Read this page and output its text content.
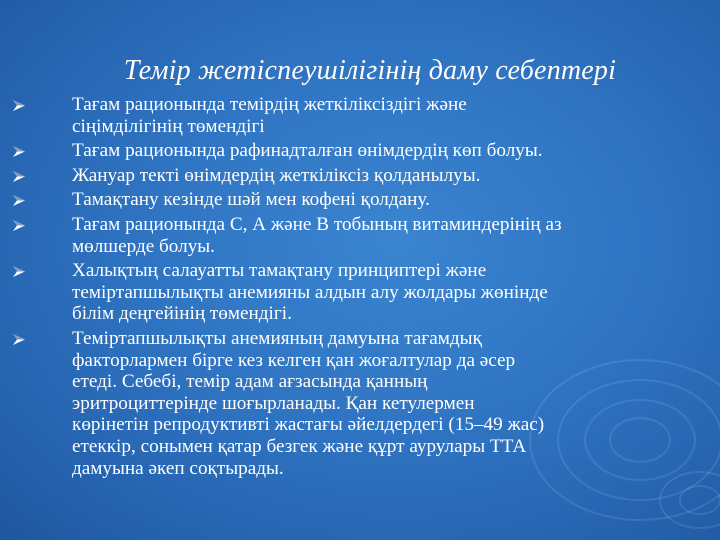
Темір жетіспеушілігінің даму себептері
Тағам рационында темірдің жеткіліксіздігі және
сіңімділігінің төмендігі
Тағам рационында рафинадталған өнімдердің көп болуы.
Жануар текті өнімдердің жеткіліксіз қолданылуы.
Тамақтану кезінде шәй мен кофені қолдану.
Тағам рационында С, А және В тобының витаминдерінің аз
мөлшерде болуы.
Халықтың салауатты тамақтану принциптері және
теміртапшылықты анемияны алдын алу жолдары жөнінде
білім деңгейінің төмендігі.
Теміртапшылықты анемияның дамуына тағамдық
факторлармен бірге кез келген қан жоғалтулар да әсер
етеді. Себебі, темір адам ағзасында қанның
эритроциттерінде шоғырланады. Қан кетулермен
көрінетін репродуктивті жастағы әйелдердегі (15–49 жас)
етеккір, сонымен қатар безгек және құрт аурулары ТТА
дамуына әкеп соқтырады.
